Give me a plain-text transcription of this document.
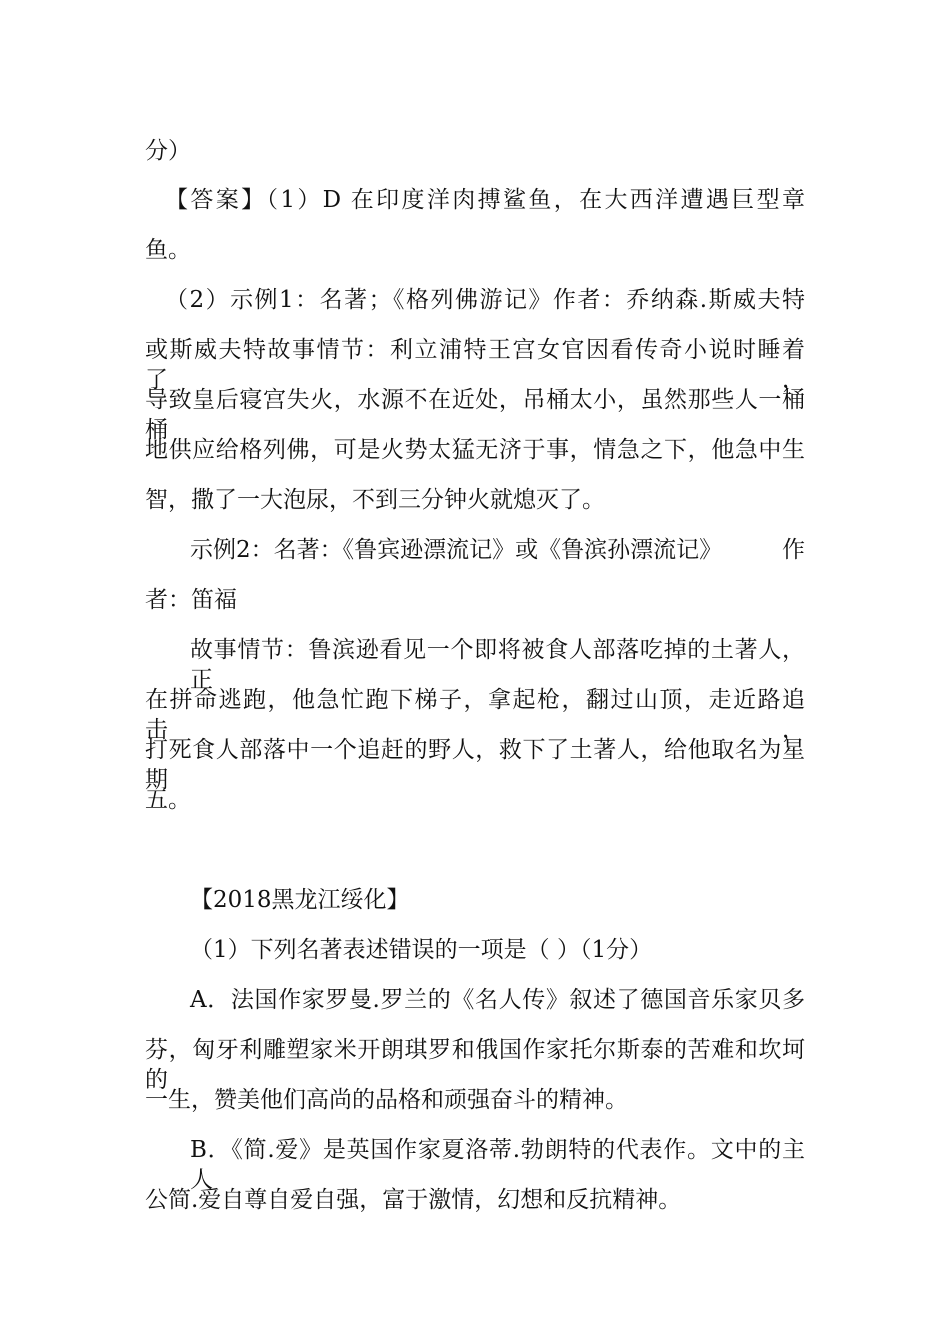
分）
【答案】（1）D 在印度洋肉搏鲨鱼，在大西洋遭遇巨型章
鱼。
（2）示例1：名著；《格列佛游记》作者：乔纳森.斯威夫特
或斯威夫特故事情节：利立浦特王宫女官因看传奇小说时睡着了，
导致皇后寝宫失火，水源不在近处，吊桶太小，虽然那些人一桶桶
地供应给格列佛，可是火势太猛无济于事，情急之下，他急中生
智，撒了一大泡尿，不到三分钟火就熄灭了。
示例2：名著：《鲁宾逊漂流记》或《鲁滨孙漂流记》	作
者：笛福
故事情节：鲁滨逊看见一个即将被食人部落吃掉的土著人，正
在拼命逃跑，他急忙跑下梯子，拿起枪，翻过山顶，走近路追击，
打死食人部落中一个追赶的野人，救下了土著人，给他取名为星期
五。
【2018黑龙江绥化】
（1）下列名著表述错误的一项是（ ）（1分）
A．法国作家罗曼.罗兰的《名人传》叙述了德国音乐家贝多
芬，匈牙利雕塑家米开朗琪罗和俄国作家托尔斯泰的苦难和坎坷的
一生，赞美他们高尚的品格和顽强奋斗的精神。
B．《简.爱》是英国作家夏洛蒂.勃朗特的代表作。文中的主人
公简.爱自尊自爱自强，富于激情，幻想和反抗精神。
